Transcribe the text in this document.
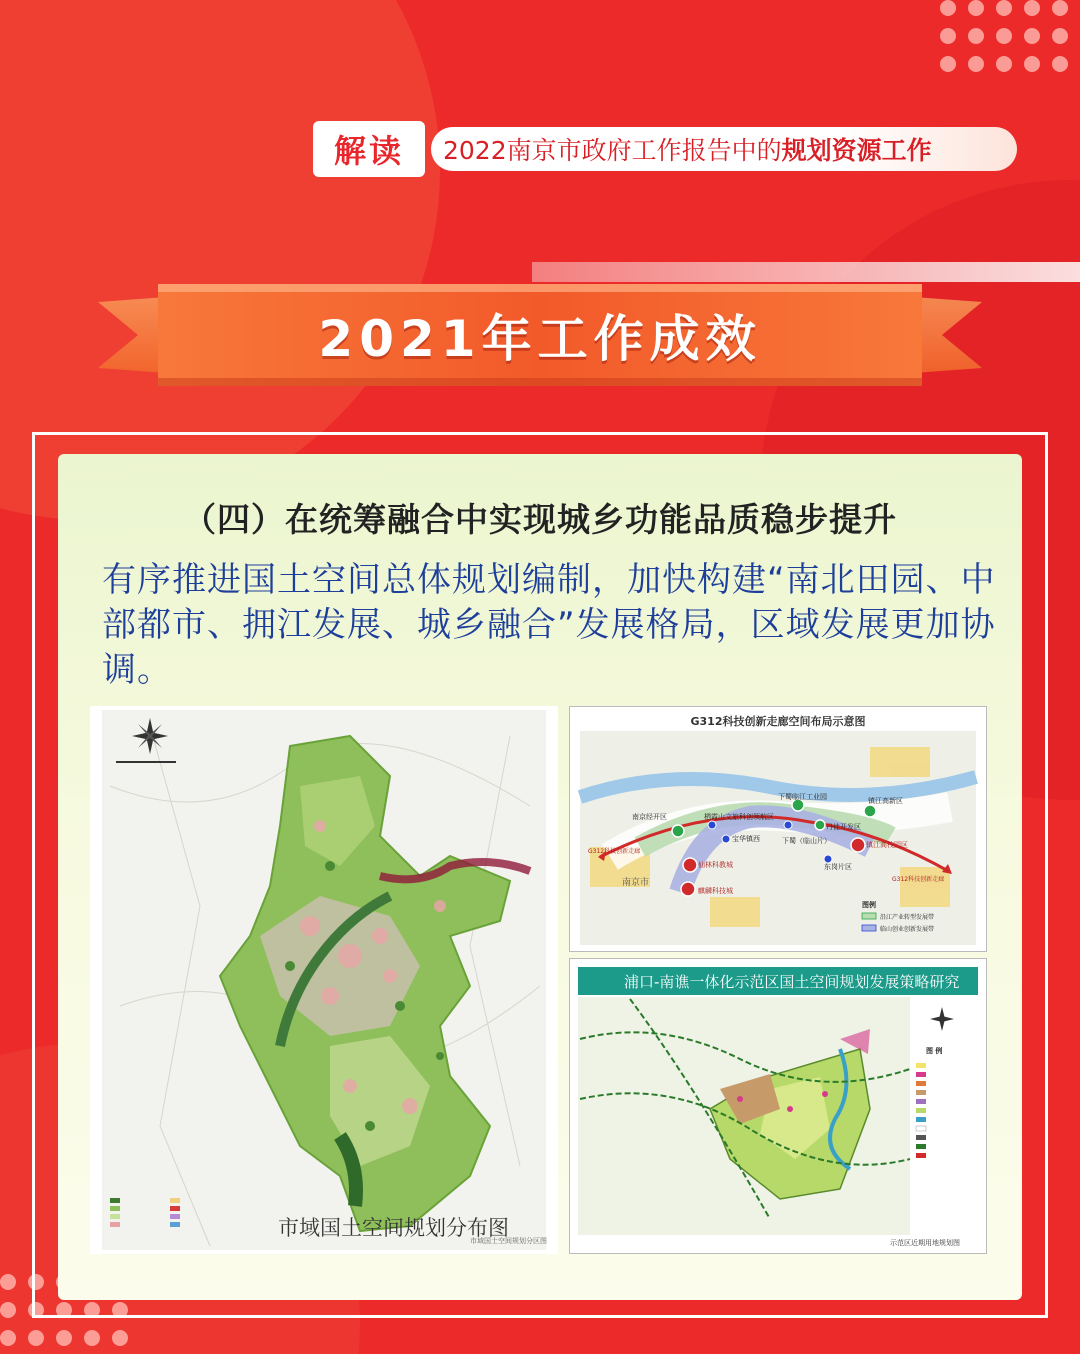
解读	2022南京市政府工作报告中的 规划资源工作
2021年工作成效
（四）在统筹融合中实现城乡功能品质稳步提升
有序推进国土空间总体规划编制，加快构建“南北田园、中部都市、拥江发展、城乡融合”发展格局，区域发展更加协调。
市域国土空间规划分布图
市域国土空间规划分区图
G312科技创新走廊空间布局示意图
南京经开区	栖霞山文旅科创领航区
下蜀临江工业园	镇江高新区
丹徒开发区
宝华镇西	下蜀（临山片）	镇江高校园区
仙林科教城
麒麟科技城
东岗片区
南京市
G312科技创新走廊
G312科技创新走廊
图例
沿江产业转型发展带
临山创业创新发展带
浦口-南谯一体化示范区国土空间规划发展策略研究
图 例
示范区近期用地规划图
